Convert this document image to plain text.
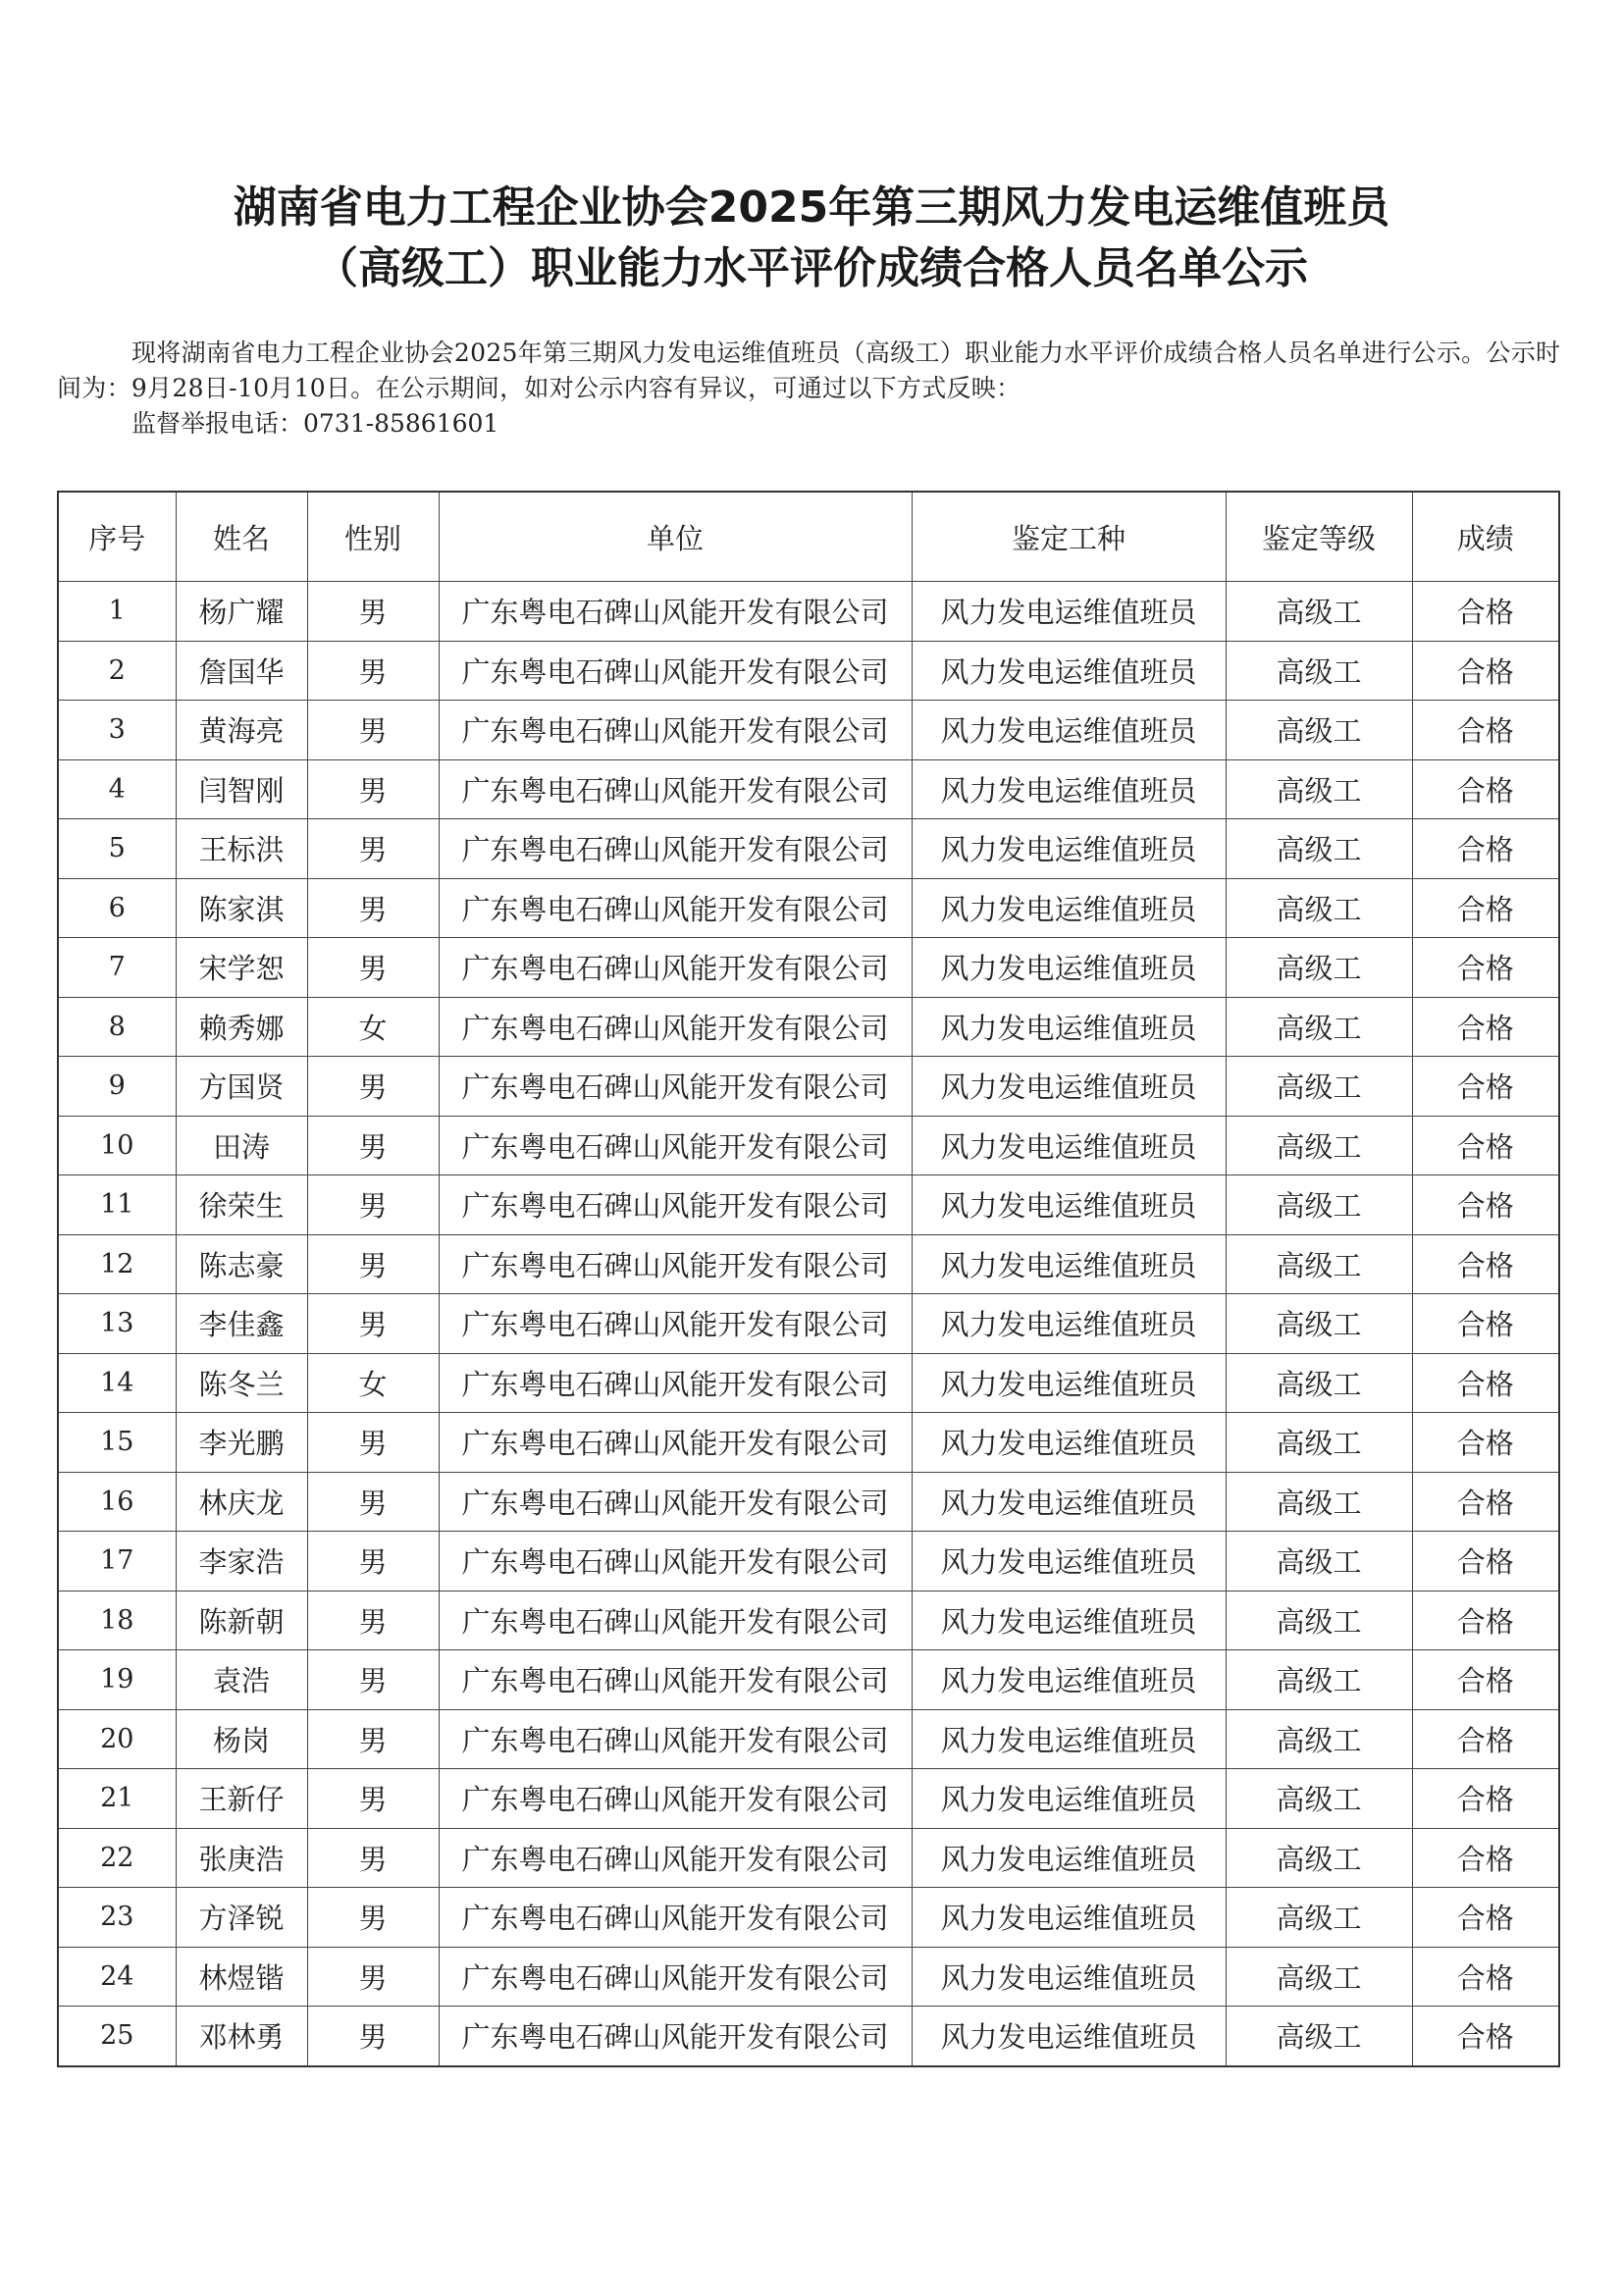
湖南省电力工程企业协会2025年第三期风力发电运维值班员
（高级工）职业能力水平评价成绩合格人员名单公示
现将湖南省电力工程企业协会2025年第三期风力发电运维值班员（高级工）职业能力水平评价成绩合格人员名单进行公示。公示时间为：9月28日-10月10日。在公示期间，如对公示内容有异议，可通过以下方式反映：
监督举报电话：0731-85861601
序号	姓名	性别	单位	鉴定工种	鉴定等级	成绩
1	杨广耀	男	广东粤电石碑山风能开发有限公司	风力发电运维值班员	高级工	合格
2	詹国华	男	广东粤电石碑山风能开发有限公司	风力发电运维值班员	高级工	合格
3	黄海亮	男	广东粤电石碑山风能开发有限公司	风力发电运维值班员	高级工	合格
4	闫智刚	男	广东粤电石碑山风能开发有限公司	风力发电运维值班员	高级工	合格
5	王标洪	男	广东粤电石碑山风能开发有限公司	风力发电运维值班员	高级工	合格
6	陈家淇	男	广东粤电石碑山风能开发有限公司	风力发电运维值班员	高级工	合格
7	宋学恕	男	广东粤电石碑山风能开发有限公司	风力发电运维值班员	高级工	合格
8	赖秀娜	女	广东粤电石碑山风能开发有限公司	风力发电运维值班员	高级工	合格
9	方国贤	男	广东粤电石碑山风能开发有限公司	风力发电运维值班员	高级工	合格
10	田涛	男	广东粤电石碑山风能开发有限公司	风力发电运维值班员	高级工	合格
11	徐荣生	男	广东粤电石碑山风能开发有限公司	风力发电运维值班员	高级工	合格
12	陈志豪	男	广东粤电石碑山风能开发有限公司	风力发电运维值班员	高级工	合格
13	李佳鑫	男	广东粤电石碑山风能开发有限公司	风力发电运维值班员	高级工	合格
14	陈冬兰	女	广东粤电石碑山风能开发有限公司	风力发电运维值班员	高级工	合格
15	李光鹏	男	广东粤电石碑山风能开发有限公司	风力发电运维值班员	高级工	合格
16	林庆龙	男	广东粤电石碑山风能开发有限公司	风力发电运维值班员	高级工	合格
17	李家浩	男	广东粤电石碑山风能开发有限公司	风力发电运维值班员	高级工	合格
18	陈新朝	男	广东粤电石碑山风能开发有限公司	风力发电运维值班员	高级工	合格
19	袁浩	男	广东粤电石碑山风能开发有限公司	风力发电运维值班员	高级工	合格
20	杨岗	男	广东粤电石碑山风能开发有限公司	风力发电运维值班员	高级工	合格
21	王新仔	男	广东粤电石碑山风能开发有限公司	风力发电运维值班员	高级工	合格
22	张庚浩	男	广东粤电石碑山风能开发有限公司	风力发电运维值班员	高级工	合格
23	方泽锐	男	广东粤电石碑山风能开发有限公司	风力发电运维值班员	高级工	合格
24	林煜锴	男	广东粤电石碑山风能开发有限公司	风力发电运维值班员	高级工	合格
25	邓林勇	男	广东粤电石碑山风能开发有限公司	风力发电运维值班员	高级工	合格
